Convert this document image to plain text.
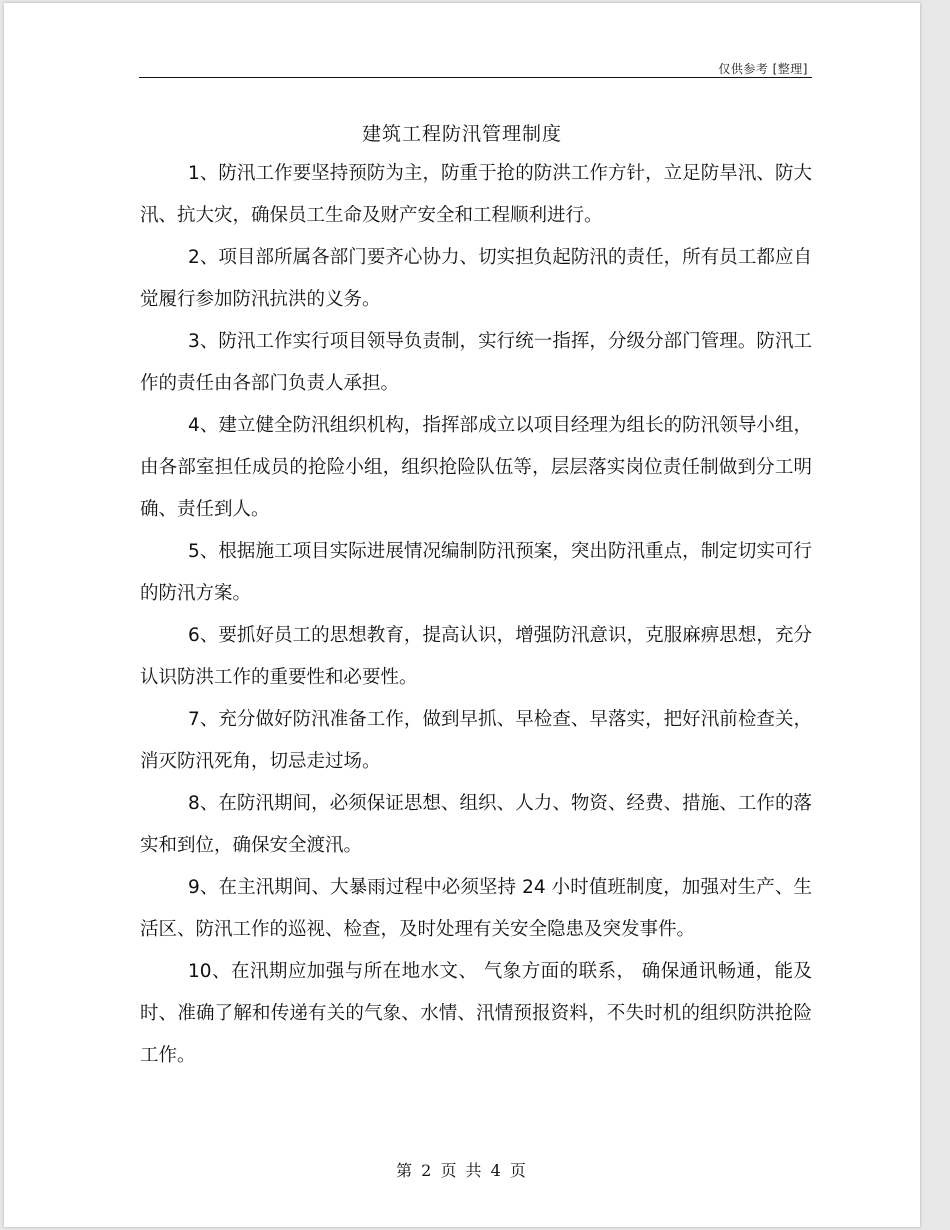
仅供参考 [整理]
建筑工程防汛管理制度

1、防汛工作要坚持预防为主，防重于抢的防洪工作方针，立足防旱汛、防大汛、抗大灾，确保员工生命及财产安全和工程顺利进行。

2、项目部所属各部门要齐心协力、切实担负起防汛的责任，所有员工都应自觉履行参加防汛抗洪的义务。

3、防汛工作实行项目领导负责制，实行统一指挥，分级分部门管理。防汛工作的责任由各部门负责人承担。

4、建立健全防汛组织机构，指挥部成立以项目经理为组长的防汛领导小组，由各部室担任成员的抢险小组，组织抢险队伍等，层层落实岗位责任制做到分工明确、责任到人。

5、根据施工项目实际进展情况编制防汛预案，突出防汛重点，制定切实可行的防汛方案。

6、要抓好员工的思想教育，提高认识，增强防汛意识，克服麻痹思想，充分认识防洪工作的重要性和必要性。

7、充分做好防汛准备工作，做到早抓、早检查、早落实，把好汛前检查关，消灭防汛死角，切忌走过场。

8、在防汛期间，必须保证思想、组织、人力、物资、经费、措施、工作的落实和到位，确保安全渡汛。

9、在主汛期间、大暴雨过程中必须坚持 24 小时值班制度，加强对生产、生活区、防汛工作的巡视、检查，及时处理有关安全隐患及突发事件。

10、在汛期应加强与所在地水文、 气象方面的联系， 确保通讯畅通，能及时、准确了解和传递有关的气象、水情、汛情预报资料，不失时机的组织防洪抢险工作。

第 2 页 共 4 页
